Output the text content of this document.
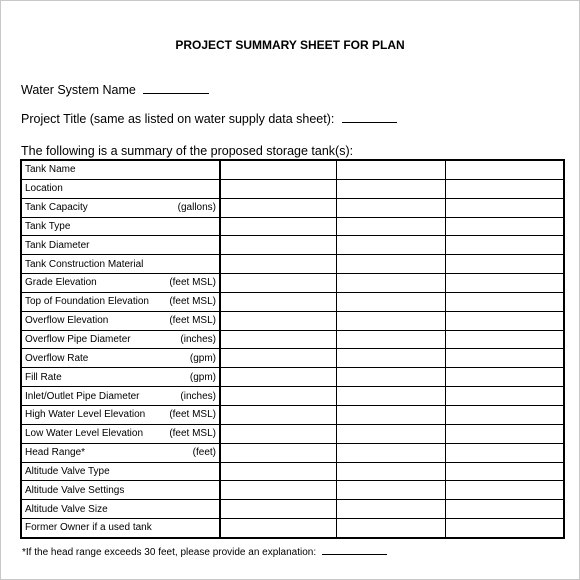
PROJECT SUMMARY SHEET FOR PLAN
Water System Name
Project Title (same as listed on water supply data sheet):
The following is a summary of the proposed storage tank(s):
Tank Name			

Location			

Tank Capacity (gallons)			

Tank Type			

Tank Diameter			

Tank Construction Material			

Grade Elevation (feet MSL)			

Top of Foundation Elevation (feet MSL)			

Overflow Elevation (feet MSL)			

Overflow Pipe Diameter (inches)			

Overflow Rate (gpm)			

Fill Rate (gpm)			

Inlet/Outlet Pipe Diameter (inches)			

High Water Level Elevation (feet MSL)			

Low Water Level Elevation (feet MSL)			

Head Range* (feet)			

Altitude Valve Type			

Altitude Valve Settings			

Altitude Valve Size			

Former Owner if a used tank			

*If the head range exceeds 30 feet, please provide an explanation:
